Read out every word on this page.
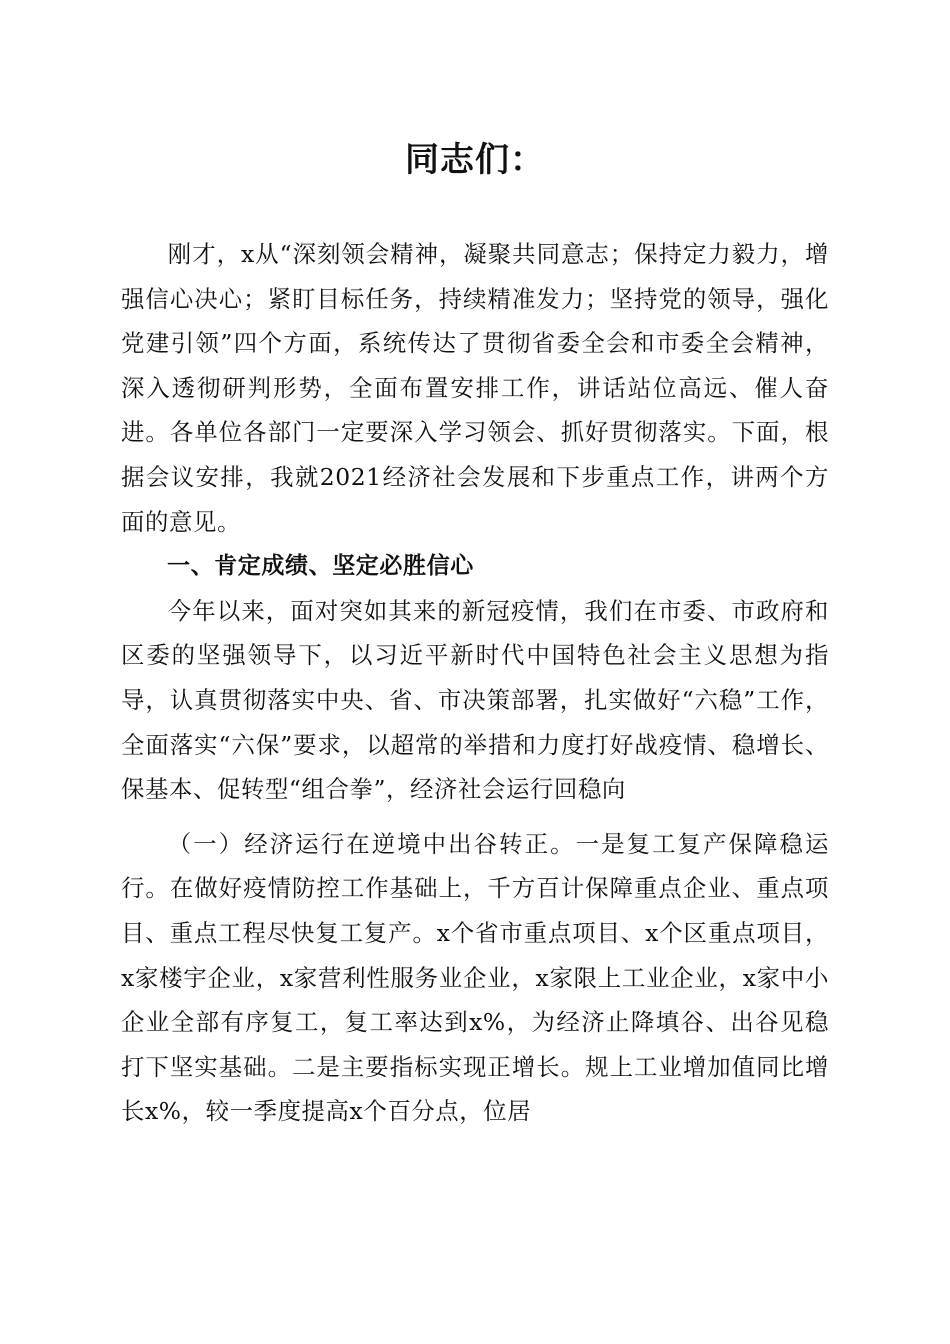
同志们：

刚才，x从“深刻领会精神，凝聚共同意志；保持定力毅力，增强信心决心；紧盯目标任务，持续精准发力；坚持党的领导，强化党建引领”四个方面，系统传达了贯彻省委全会和市委全会精神，深入透彻研判形势，全面布置安排工作，讲话站位高远、催人奋进。各单位各部门一定要深入学习领会、抓好贯彻落实。下面，根据会议安排，我就2021经济社会发展和下步重点工作，讲两个方面的意见。

一、肯定成绩、坚定必胜信心

今年以来，面对突如其来的新冠疫情，我们在市委、市政府和区委的坚强领导下，以习近平新时代中国特色社会主义思想为指导，认真贯彻落实中央、省、市决策部署，扎实做好“六稳”工作，全面落实“六保”要求，以超常的举措和力度打好战疫情、稳增长、保基本、促转型“组合拳”，经济社会运行回稳向

（一）经济运行在逆境中出谷转正。一是复工复产保障稳运行。在做好疫情防控工作基础上，千方百计保障重点企业、重点项目、重点工程尽快复工复产。x个省市重点项目、x个区重点项目，x家楼宇企业，x家营利性服务业企业，x家限上工业企业，x家中小企业全部有序复工，复工率达到x%，为经济止降填谷、出谷见稳打下坚实基础。二是主要指标实现正增长。规上工业增加值同比增长x%，较一季度提高x个百分点，位居
